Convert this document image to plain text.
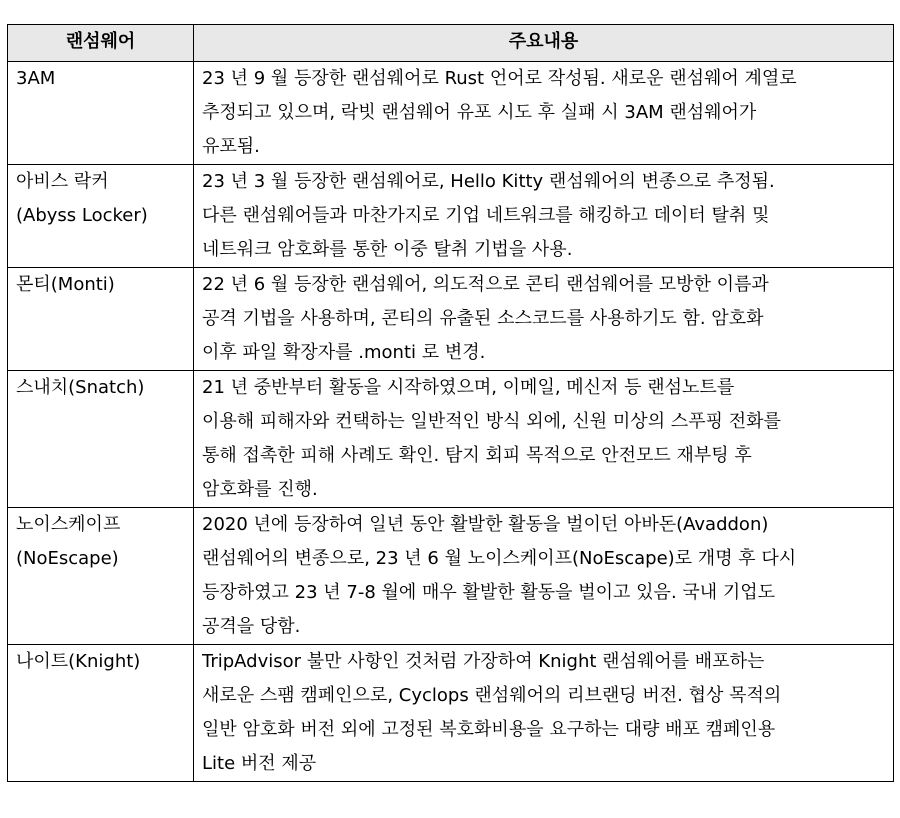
랜섬웨어	주요내용

3AM	23 년 9 월 등장한 랜섬웨어로 Rust 언어로 작성됨. 새로운 랜섬웨어 계열로
추정되고 있으며, 락빗 랜섬웨어 유포 시도 후 실패 시 3AM 랜섬웨어가
유포됨.

아비스 락커
(Abyss Locker)	23 년 3 월 등장한 랜섬웨어로, Hello Kitty 랜섬웨어의 변종으로 추정됨.
다른 랜섬웨어들과 마찬가지로 기업 네트워크를 해킹하고 데이터 탈취 및
네트워크 암호화를 통한 이중 탈취 기법을 사용.

몬티(Monti)	22 년 6 월 등장한 랜섬웨어, 의도적으로 콘티 랜섬웨어를 모방한 이름과
공격 기법을 사용하며, 콘티의 유출된 소스코드를 사용하기도 함. 암호화
이후 파일 확장자를 .monti 로 변경.

스내치(Snatch)	21 년 중반부터 활동을 시작하였으며, 이메일, 메신저 등 랜섬노트를
이용해 피해자와 컨택하는 일반적인 방식 외에, 신원 미상의 스푸핑 전화를
통해 접촉한 피해 사례도 확인. 탐지 회피 목적으로 안전모드 재부팅 후
암호화를 진행.

노이스케이프
(NoEscape)	2020 년에 등장하여 일년 동안 활발한 활동을 벌이던 아바돈(Avaddon)
랜섬웨어의 변종으로, 23 년 6 월 노이스케이프(NoEscape)로 개명 후 다시
등장하였고 23 년 7-8 월에 매우 활발한 활동을 벌이고 있음. 국내 기업도
공격을 당함.

나이트(Knight)	TripAdvisor 불만 사항인 것처럼 가장하여 Knight 랜섬웨어를 배포하는
새로운 스팸 캠페인으로, Cyclops 랜섬웨어의 리브랜딩 버전. 협상 목적의
일반 암호화 버전 외에 고정된 복호화비용을 요구하는 대량 배포 캠페인용
Lite 버전 제공
